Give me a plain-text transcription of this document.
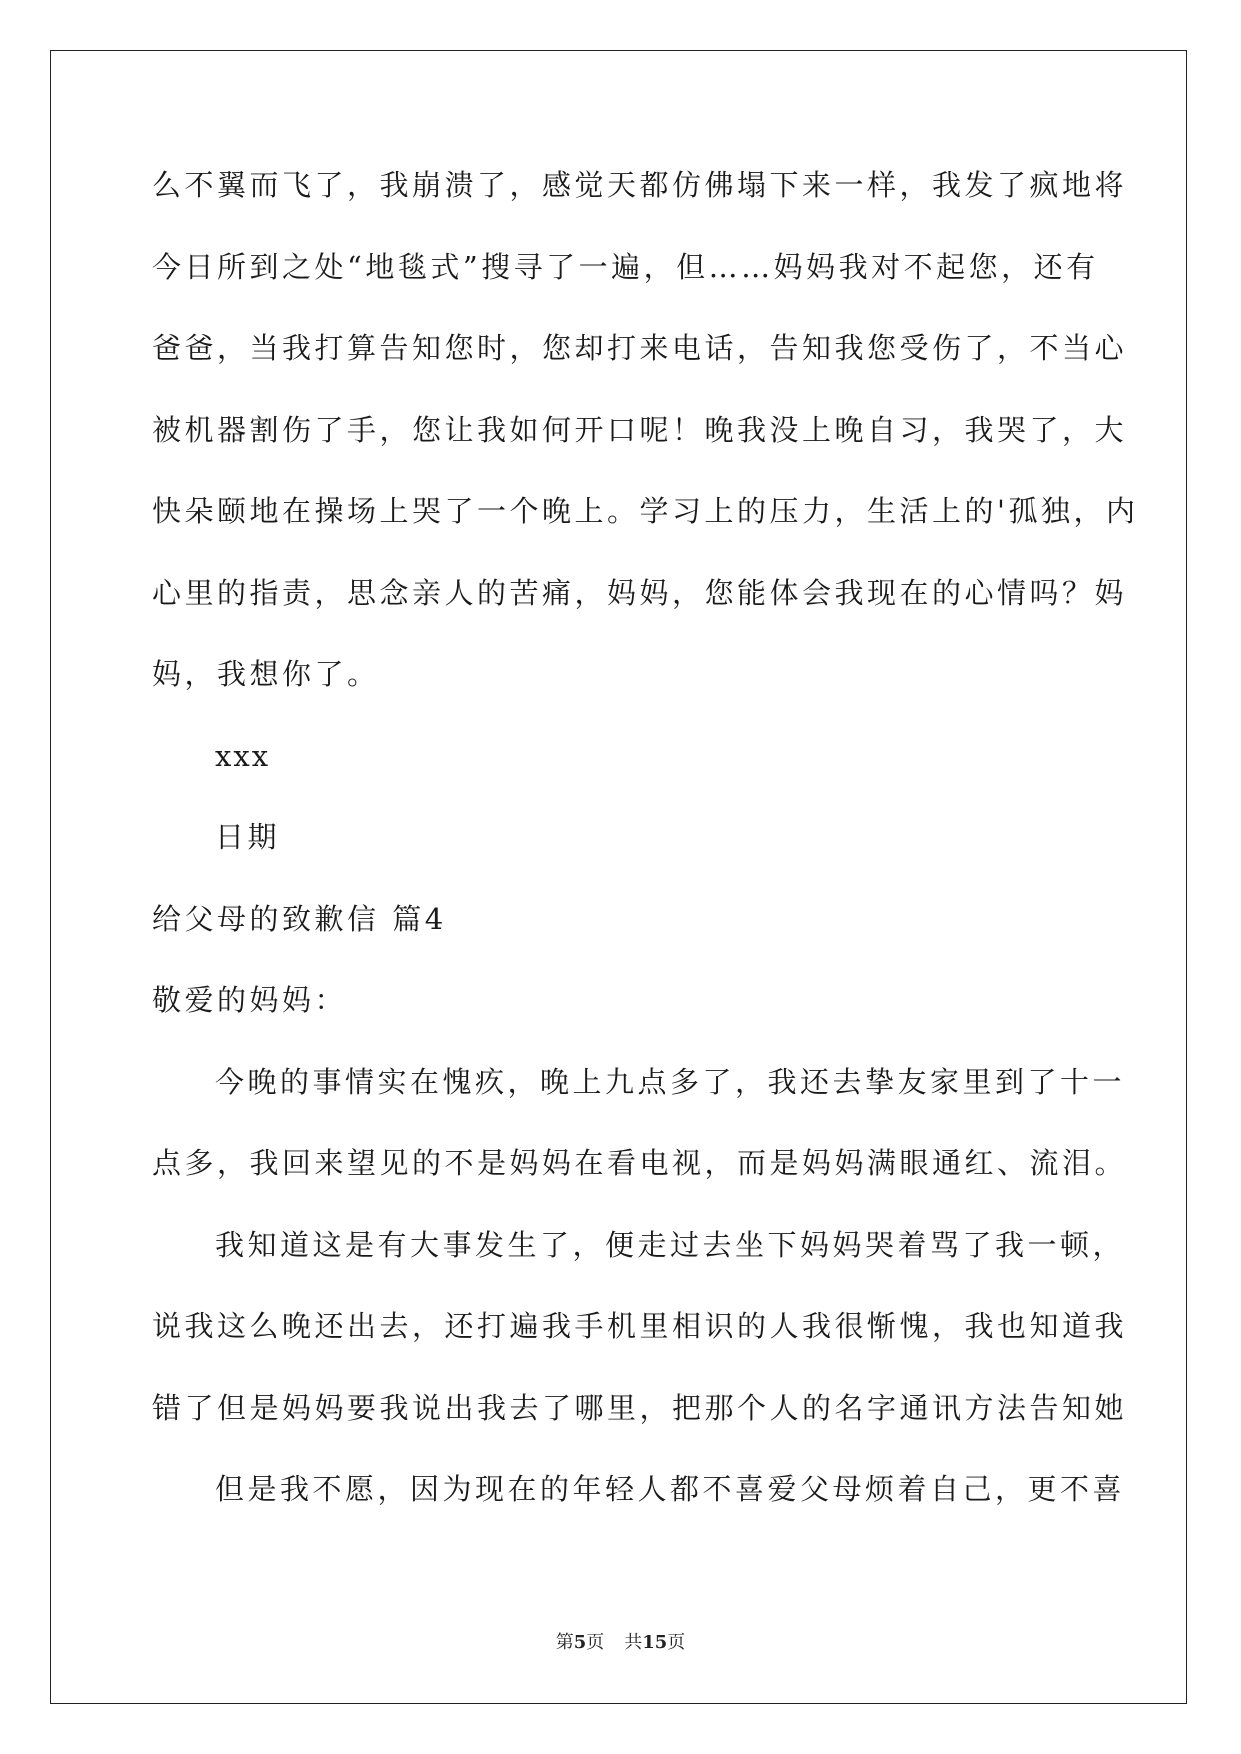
么不翼而飞了，我崩溃了，感觉天都仿佛塌下来一样，我发了疯地将
今日所到之处“地毯式”搜寻了一遍，但……妈妈我对不起您，还有
爸爸，当我打算告知您时，您却打来电话，告知我您受伤了，不当心
被机器割伤了手，您让我如何开口呢！晚我没上晚自习，我哭了，大
快朵颐地在操场上哭了一个晚上。学习上的压力，生活上的'孤独，内
心里的指责，思念亲人的苦痛，妈妈，您能体会我现在的心情吗？妈
妈，我想你了。
xxx
日期
给父母的致歉信 篇4
敬爱的妈妈：
今晚的事情实在愧疚，晚上九点多了，我还去挚友家里到了十一
点多，我回来望见的不是妈妈在看电视，而是妈妈满眼通红、流泪。
我知道这是有大事发生了，便走过去坐下妈妈哭着骂了我一顿，
说我这么晚还出去，还打遍我手机里相识的人我很惭愧，我也知道我
错了但是妈妈要我说出我去了哪里，把那个人的名字通讯方法告知她
但是我不愿，因为现在的年轻人都不喜爱父母烦着自己，更不喜
第5页 共15页
